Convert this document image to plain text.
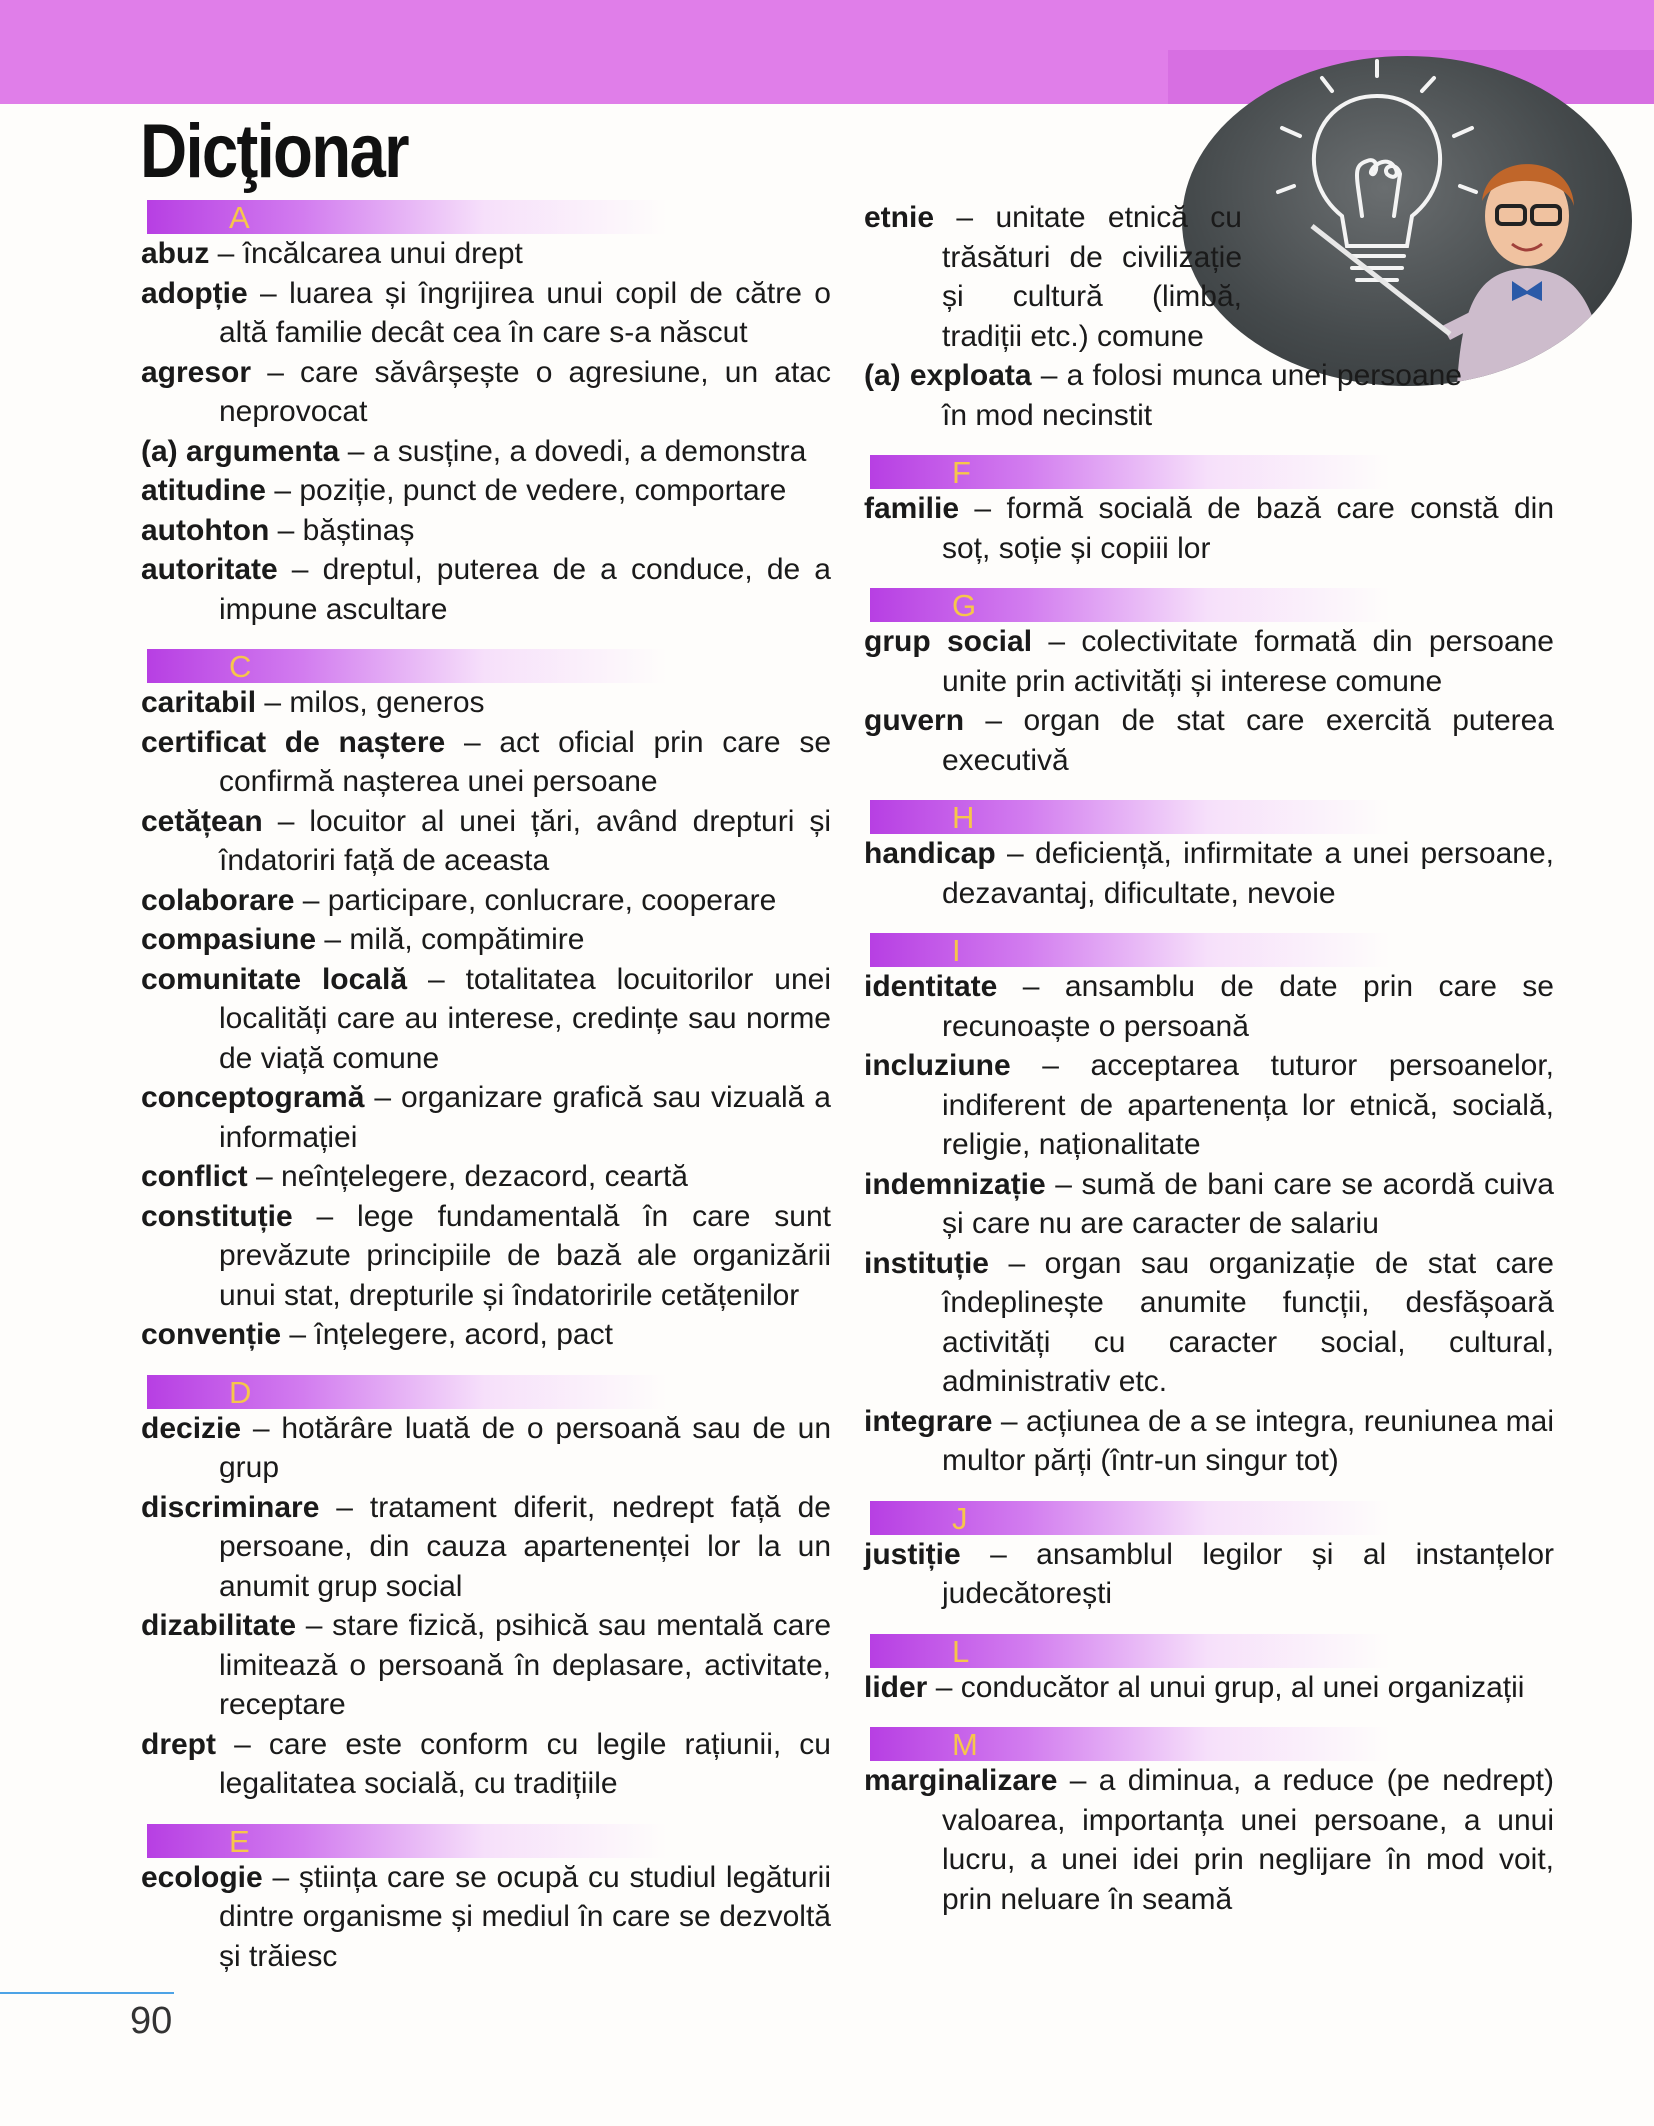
Dicţionar
A

abuz – încălcarea unui drept

adopție – luarea și îngrijirea unui copil de către o altă familie decât cea în care s-a născut

agresor – care săvârșește o agresiune, un atac neprovocat

(a) argumenta – a susține, a dovedi, a demonstra

atitudine – poziție, punct de vedere, comportare

autohton – băștinaș

autoritate – dreptul, puterea de a conduce, de a impune ascultare

C

caritabil – milos, generos

certificat de naștere – act oficial prin care se confirmă nașterea unei persoane

cetățean – locuitor al unei țări, având drepturi și îndatoriri față de aceasta

colaborare – participare, conlucrare, cooperare

compasiune – milă, compătimire

comunitate locală – totalitatea locuitorilor unei localități care au interese, credințe sau norme de viață comune

conceptogramă – organizare grafică sau vizuală a informației

conflict – neînțelegere, dezacord, ceartă

constituție – lege fundamentală în care sunt prevăzute principiile de bază ale organizării unui stat, drepturile și îndatoririle cetățenilor

convenție – înțelegere, acord, pact

D

decizie – hotărâre luată de o persoană sau de un grup

discriminare – tratament diferit, nedrept față de persoane, din cauza apartenenței lor la un anumit grup social

dizabilitate – stare fizică, psihică sau mentală care limitează o persoană în deplasare, activitate, receptare

drept – care este conform cu legile rațiunii, cu legalitatea socială, cu tradițiile

E

ecologie – știința care se ocupă cu studiul legăturii dintre organisme și mediul în care se dezvoltă și trăiesc

etnie – unitate etnică cu trăsături de civilizație și cultură (limbă, tradiții etc.) comune

(a) exploata – a folosi munca unei persoane în mod necinstit

F

familie – formă socială de bază care constă din soț, soție și copiii lor

G

grup social – colectivitate formată din persoane unite prin activități și interese comune

guvern – organ de stat care exercită puterea executivă

H

handicap – deficiență, infirmitate a unei persoane, dezavantaj, dificultate, nevoie

I

identitate – ansamblu de date prin care se recunoaște o persoană

incluziune – acceptarea tuturor persoanelor, indiferent de apartenența lor etnică, socială, religie, naționalitate

indemnizație – sumă de bani care se acordă cuiva și care nu are caracter de salariu

instituție – organ sau organizație de stat care îndeplinește anumite funcții, desfășoară activități cu caracter social, cultural, administrativ etc.

integrare – acțiunea de a se integra, reuniunea mai multor părți (într-un singur tot)

J

justiție – ansamblul legilor și al instanțelor judecătorești

L

lider – conducător al unui grup, al unei organizații

M

marginalizare – a diminua, a reduce (pe nedrept) valoarea, importanța unei persoane, a unui lucru, a unei idei prin neglijare în mod voit, prin neluare în seamă

90
